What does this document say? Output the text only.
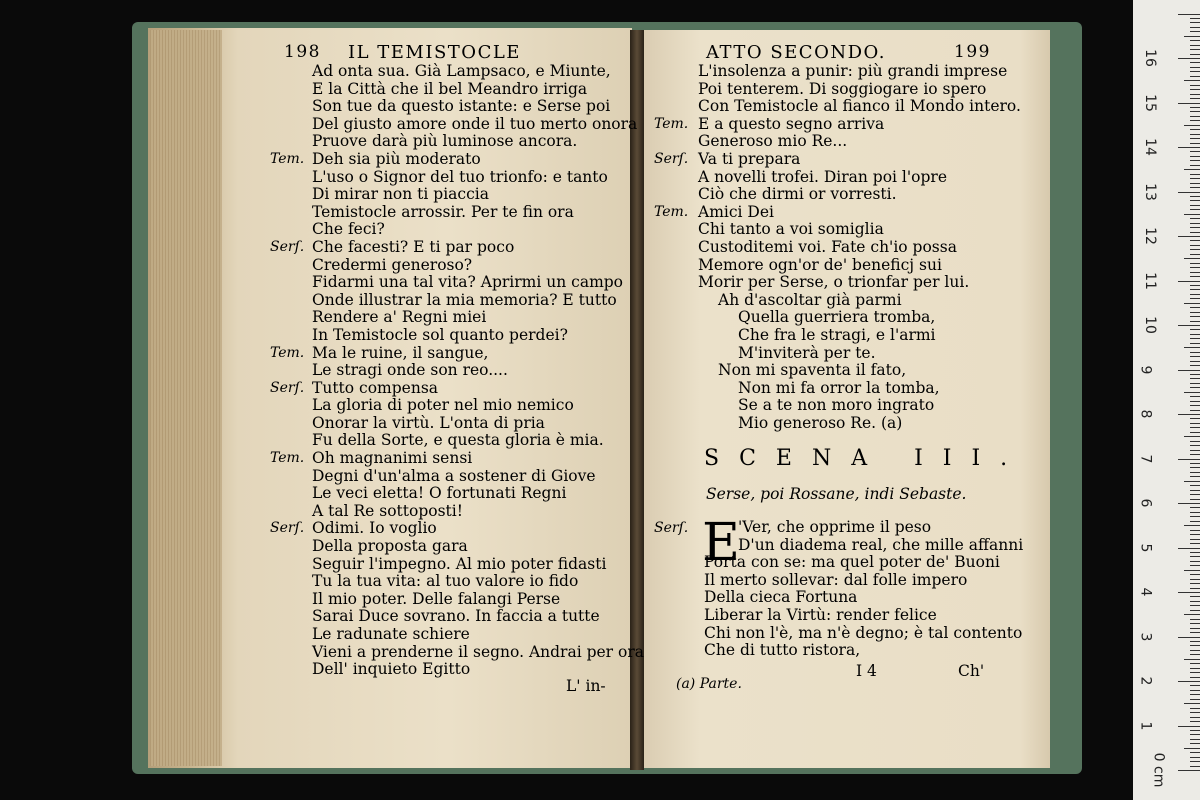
198 IL TEMISTOCLE
Ad onta sua. Già Lampsaco, e Miunte,
E la Città che il bel Meandro irriga
Son tue da questo istante: e Serse poi
Del giusto amore onde il tuo merto onora
Pruove darà più luminose ancora.
Tem. Deh sia più moderato
L'uso o Signor del tuo trionfo: e tanto
Di mirar non ti piaccia
Temistocle arrossir. Per te fin ora
Che feci?
Serſ. Che facesti? E ti par poco
Credermi generoso?
Fidarmi una tal vita? Aprirmi un campo
Onde illustrar la mia memoria? E tutto
Rendere a' Regni miei
In Temistocle sol quanto perdei?
Tem. Ma le ruine, il sangue,
Le stragi onde son reo....
Serſ. Tutto compensa
La gloria di poter nel mio nemico
Onorar la virtù. L'onta di pria
Fu della Sorte, e questa gloria è mia.
Tem. Oh magnanimi sensi
Degni d'un'alma a sostener di Giove
Le veci eletta! O fortunati Regni
A tal Re sottoposti!
Serſ. Odimi. Io voglio
Della proposta gara
Seguir l'impegno. Al mio poter fidasti
Tu la tua vita: al tuo valore io fido
Il mio poter. Delle falangi Perse
Sarai Duce sovrano. In faccia a tutte
Le radunate schiere
Vieni a prenderne il segno. Andrai per ora
Dell' inquieto Egitto
L' in-
ATTO SECONDO.	199
L'insolenza a punir: più grandi imprese
Poi tenterem. Di soggiogare io spero
Con Temistocle al fianco il Mondo intero.
Tem. E a questo segno arriva
Generoso mio Re...
Serſ. Va ti prepara
A novelli trofei. Diran poi l'opre
Ciò che dirmi or vorresti.
Tem. Amici Dei
Chi tanto a voi somiglia
Custoditemi voi. Fate ch'io possa
Memore ogn'or de' beneficj sui
Morir per Serse, o trionfar per lui.
Ah d'ascoltar già parmi
Quella guerriera tromba,
Che fra le stragi, e l'armi
M'inviterà per te.
Non mi spaventa il fato,
Non mi fa orror la tomba,
Se a te non moro ingrato
Mio generoso Re. (a)
SCENA III.
Serse, poi Rossane, indi Sebaste.
Serſ. E
'Ver, che opprime il peso
D'un diadema real, che mille affanni
Porta con se: ma quel poter de' Buoni
Il merto sollevar: dal folle impero
Della cieca Fortuna
Liberar la Virtù: render felice
Chi non l'è, ma n'è degno; è tal contento
Che di tutto ristora,
I 4	Ch'
(a) Parte.
1
2
3
4
5
6
7
8
9
10
11
12
13
14
15
16
0 cm
